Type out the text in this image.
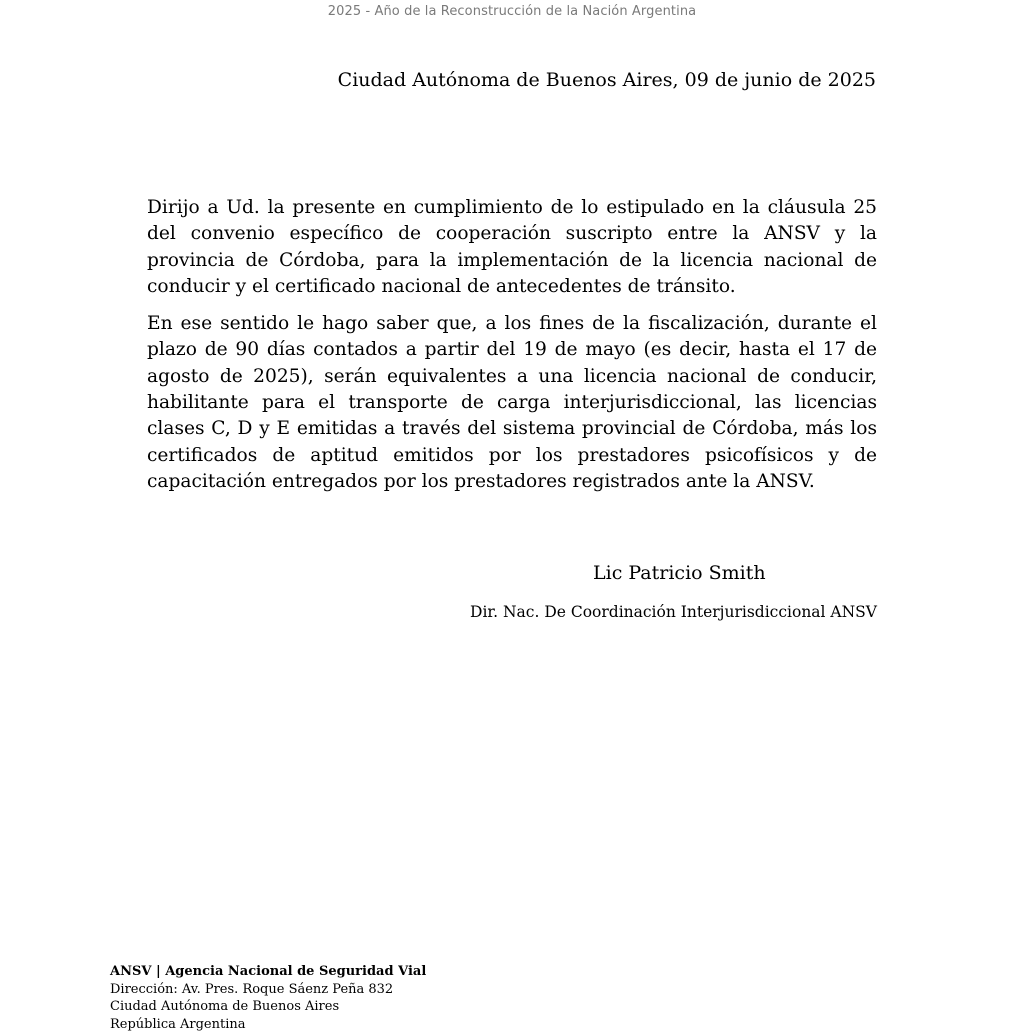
2025 - Año de la Reconstrucción de la Nación Argentina
Ciudad Autónoma de Buenos Aires, 09 de junio de 2025

Dirijo a Ud. la presente en cumplimiento de lo estipulado en la cláusula 25 del convenio específico de cooperación suscripto entre la ANSV y la provincia de Córdoba, para la implementación de la licencia nacional de conducir y el certificado nacional de antecedentes de tránsito.

En ese sentido le hago saber que, a los fines de la fiscalización, durante el plazo de 90 días contados a partir del 19 de mayo (es decir, hasta el 17 de agosto de 2025), serán equivalentes a una licencia nacional de conducir, habilitante para el transporte de carga interjurisdiccional, las licencias clases C, D y E emitidas a través del sistema provincial de Córdoba, más los certificados de aptitud emitidos por los prestadores psicofísicos y de capacitación entregados por los prestadores registrados ante la ANSV.

Lic Patricio Smith
Dir. Nac. De Coordinación Interjurisdiccional ANSV
ANSV | Agencia Nacional de Seguridad Vial
Dirección: Av. Pres. Roque Sáenz Peña 832
Ciudad Autónoma de Buenos Aires
República Argentina
